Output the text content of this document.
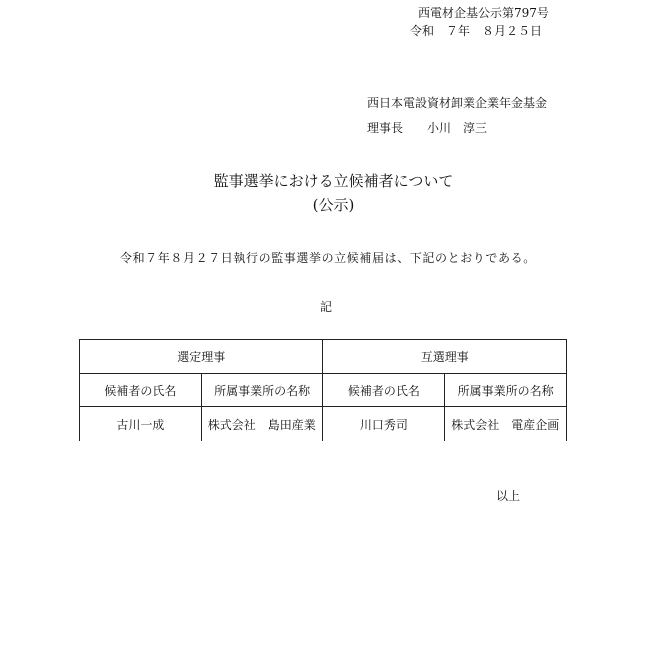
西電材企基公示第797号
令和　７年　８月２５日
西日本電設資材卸業企業年金基金
理事長　　小川　淳三
監事選挙における立候補者について
(公示)
令和７年８月２７日執行の監事選挙の立候補届は、下記のとおりである。
記
選定理事		互選理事	
候補者の氏名	所属事業所の名称	候補者の氏名	所属事業所の名称
古川一成	株式会社　島田産業	川口秀司	株式会社　電産企画
以上
